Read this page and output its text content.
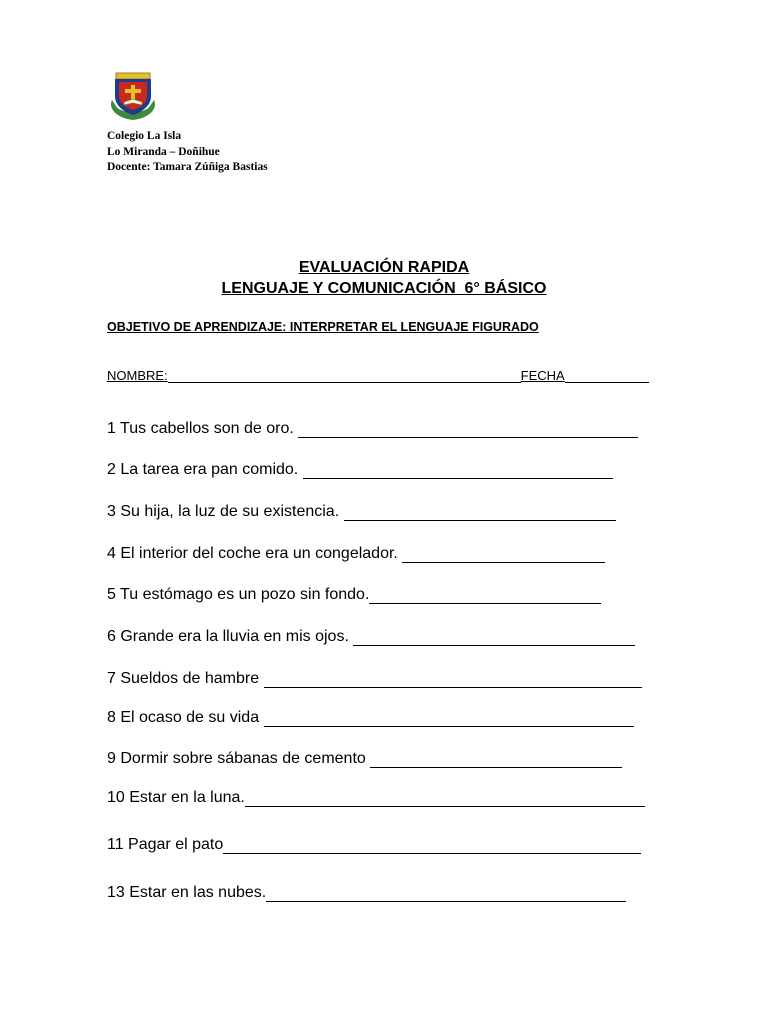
Colegio La Isla
Lo Miranda – Doñihue
Docente: Tamara Zúñiga Bastias
EVALUACIÓN RAPIDA
LENGUAJE Y COMUNICACIÓN  6° BÁSICO
OBJETIVO DE APRENDIZAJE: INTERPRETAR EL LENGUAJE FIGURADO
NOMBRE:	FECHA
1 Tus cabellos son de oro.
2 La tarea era pan comido.
3 Su hija, la luz de su existencia.
4 El interior del coche era un congelador.
5 Tu estómago es un pozo sin fondo.
6 Grande era la lluvia en mis ojos.
7 Sueldos de hambre
8 El ocaso de su vida
9 Dormir sobre sábanas de cemento
10 Estar en la luna.
11 Pagar el pato
13 Estar en las nubes.
